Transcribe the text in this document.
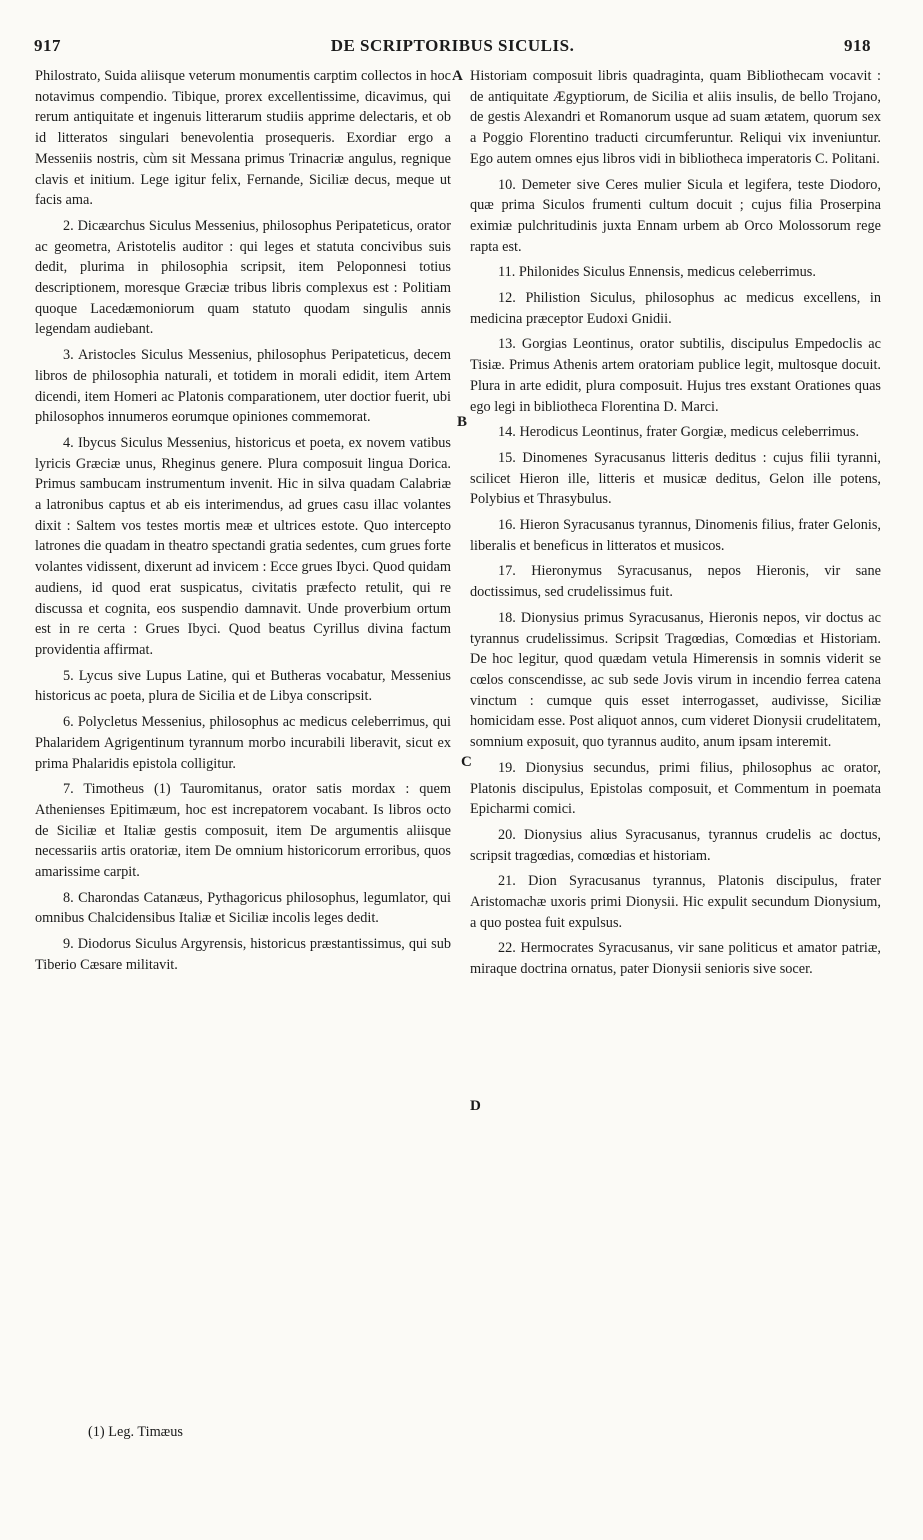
917	DE SCRIPTORIBUS SICULIS.	918

Philostrato, Suida aliisque veterum monumentis carptim collectos in hoc notavimus compendio. Tibique, prorex excellentissime, dicavimus, qui rerum antiquitate et ingenuis litterarum studiis apprime delectaris, et ob id litteratos singulari benevolentia prosequeris. Exordiar ergo a Messeniis nostris, cùm sit Messana primus Trinacriæ angulus, regnique clavis et initium. Lege igitur felix, Fernande, Siciliæ decus, meque ut facis ama.

2. Dicæarchus Siculus Messenius, philosophus Peripateticus, orator ac geometra, Aristotelis auditor : qui leges et statuta concivibus suis dedit, plurima in philosophia scripsit, item Peloponnesi totius descriptionem, moresque Græciæ tribus libris complexus est : Politiam quoque Lacedæmoniorum quam statuto quodam singulis annis legendam audiebant.

3. Aristocles Siculus Messenius, philosophus Peripateticus, decem libros de philosophia naturali, et totidem in morali edidit, item Artem dicendi, item Homeri ac Platonis comparationem, uter doctior fuerit, ubi philosophos innumeros eorumque opiniones commemorat.

4. Ibycus Siculus Messenius, historicus et poeta, ex novem vatibus lyricis Græciæ unus, Rheginus genere. Plura composuit lingua Dorica. Primus sambucam instrumentum invenit. Hic in silva quadam Calabriæ a latronibus captus et ab eis interimendus, ad grues casu illac volantes dixit : Saltem vos testes mortis meæ et ultrices estote. Quo intercepto latrones die quadam in theatro spectandi gratia sedentes, cum grues forte volantes vidissent, dixerunt ad invicem : Ecce grues Ibyci. Quod quidam audiens, id quod erat suspicatus, civitatis præfecto retulit, qui re discussa et cognita, eos suspendio damnavit. Unde proverbium ortum est in re certa : Grues Ibyci. Quod beatus Cyrillus divina factum providentia affirmat.

5. Lycus sive Lupus Latine, qui et Butheras vocabatur, Messenius historicus ac poeta, plura de Sicilia et de Libya conscripsit.

6. Polycletus Messenius, philosophus ac medicus celeberrimus, qui Phalaridem Agrigentinum tyrannum morbo incurabili liberavit, sicut ex prima Phalaridis epistola colligitur.

7. Timotheus (1) Tauromitanus, orator satis mordax : quem Athenienses Epitimæum, hoc est increpatorem vocabant. Is libros octo de Siciliæ et Italiæ gestis composuit, item De argumentis aliisque necessariis artis oratoriæ, item De omnium historicorum erroribus, quos amarissime carpit.

8. Charondas Catanæus, Pythagoricus philosophus, legumlator, qui omnibus Chalcidensibus Italiæ et Siciliæ incolis leges dedit.

9. Diodorus Siculus Argyrensis, historicus præstantissimus, qui sub Tiberio Cæsare militavit.

A
B
C
D

Historiam composuit libris quadraginta, quam Bibliothecam vocavit : de antiquitate Ægyptiorum, de Sicilia et aliis insulis, de bello Trojano, de gestis Alexandri et Romanorum usque ad suam ætatem, quorum sex a Poggio Florentino traducti circumferuntur. Reliqui vix inveniuntur. Ego autem omnes ejus libros vidi in bibliotheca imperatoris C. Politani.

10. Demeter sive Ceres mulier Sicula et legifera, teste Diodoro, quæ prima Siculos frumenti cultum docuit ; cujus filia Proserpina eximiæ pulchritudinis juxta Ennam urbem ab Orco Molossorum rege rapta est.

11. Philonides Siculus Ennensis, medicus celeberrimus.

12. Philistion Siculus, philosophus ac medicus excellens, in medicina præceptor Eudoxi Gnidii.

13. Gorgias Leontinus, orator subtilis, discipulus Empedoclis ac Tisiæ. Primus Athenis artem oratoriam publice legit, multosque docuit. Plura in arte edidit, plura composuit. Hujus tres exstant Orationes quas ego legi in bibliotheca Florentina D. Marci.

14. Herodicus Leontinus, frater Gorgiæ, medicus celeberrimus.

15. Dinomenes Syracusanus litteris deditus : cujus filii tyranni, scilicet Hieron ille, litteris et musicæ deditus, Gelon ille potens, Polybius et Thrasybulus.

16. Hieron Syracusanus tyrannus, Dinomenis filius, frater Gelonis, liberalis et beneficus in litteratos et musicos.

17. Hieronymus Syracusanus, nepos Hieronis, vir sane doctissimus, sed crudelissimus fuit.

18. Dionysius primus Syracusanus, Hieronis nepos, vir doctus ac tyrannus crudelissimus. Scripsit Tragœdias, Comœdias et Historiam. De hoc legitur, quod quædam vetula Himerensis in somnis viderit se cœlos conscendisse, ac sub sede Jovis virum in incendio ferrea catena vinctum : cumque quis esset interrogasset, audivisse, Siciliæ homicidam esse. Post aliquot annos, cum videret Dionysii crudelitatem, somnium exposuit, quo tyrannus audito, anum ipsam interemit.

19. Dionysius secundus, primi filius, philosophus ac orator, Platonis discipulus, Epistolas composuit, et Commentum in poemata Epicharmi comici.

20. Dionysius alius Syracusanus, tyrannus crudelis ac doctus, scripsit tragœdias, comœdias et historiam.

21. Dion Syracusanus tyrannus, Platonis discipulus, frater Aristomachæ uxoris primi Dionysii. Hic expulit secundum Dionysium, a quo postea fuit expulsus.

22. Hermocrates Syracusanus, vir sane politicus et amator patriæ, miraque doctrina ornatus, pater Dionysii senioris sive socer.

(1) Leg. Timæus
